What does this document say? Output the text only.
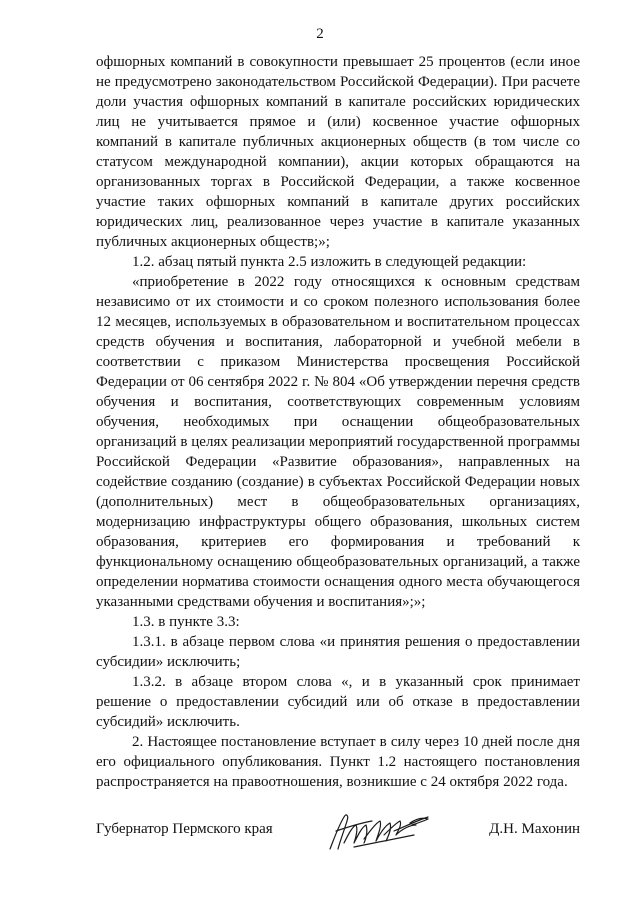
2

офшорных компаний в совокупности превышает 25 процентов (если иное не предусмотрено законодательством Российской Федерации). При расчете доли участия офшорных компаний в капитале российских юридических лиц не учитывается прямое и (или) косвенное участие офшорных компаний в капитале публичных акционерных обществ (в том числе со статусом международной компании), акции которых обращаются на организованных торгах в Российской Федерации, а также косвенное участие таких офшорных компаний в капитале других российских юридических лиц, реализованное через участие в капитале указанных публичных акционерных обществ;»;

1.2. абзац пятый пункта 2.5 изложить в следующей редакции:

«приобретение в 2022 году относящихся к основным средствам независимо от их стоимости и со сроком полезного использования более 12 месяцев, используемых в образовательном и воспитательном процессах средств обучения и воспитания, лабораторной и учебной мебели в соответствии с приказом Министерства просвещения Российской Федерации от 06 сентября 2022 г. № 804 «Об утверждении перечня средств обучения и воспитания, соответствующих современным условиям обучения, необходимых при оснащении общеобразовательных организаций в целях реализации мероприятий государственной программы Российской Федерации «Развитие образования», направленных на содействие созданию (создание) в субъектах Российской Федерации новых (дополнительных) мест в общеобразовательных организациях, модернизацию инфраструктуры общего образования, школьных систем образования, критериев его формирования и требований к функциональному оснащению общеобразовательных организаций, а также определении норматива стоимости оснащения одного места обучающегося указанными средствами обучения и воспитания»;»;

1.3. в пункте 3.3:

1.3.1. в абзаце первом слова «и принятия решения о предоставлении субсидии» исключить;

1.3.2. в абзаце втором слова «, и в указанный срок принимает решение о предоставлении субсидий или об отказе в предоставлении субсидий» исключить.

2. Настоящее постановление вступает в силу через 10 дней после дня его официального опубликования. Пункт 1.2 настоящего постановления распространяется на правоотношения, возникшие с 24 октября 2022 года.

Губернатор Пермского края	Д.Н. Махонин
